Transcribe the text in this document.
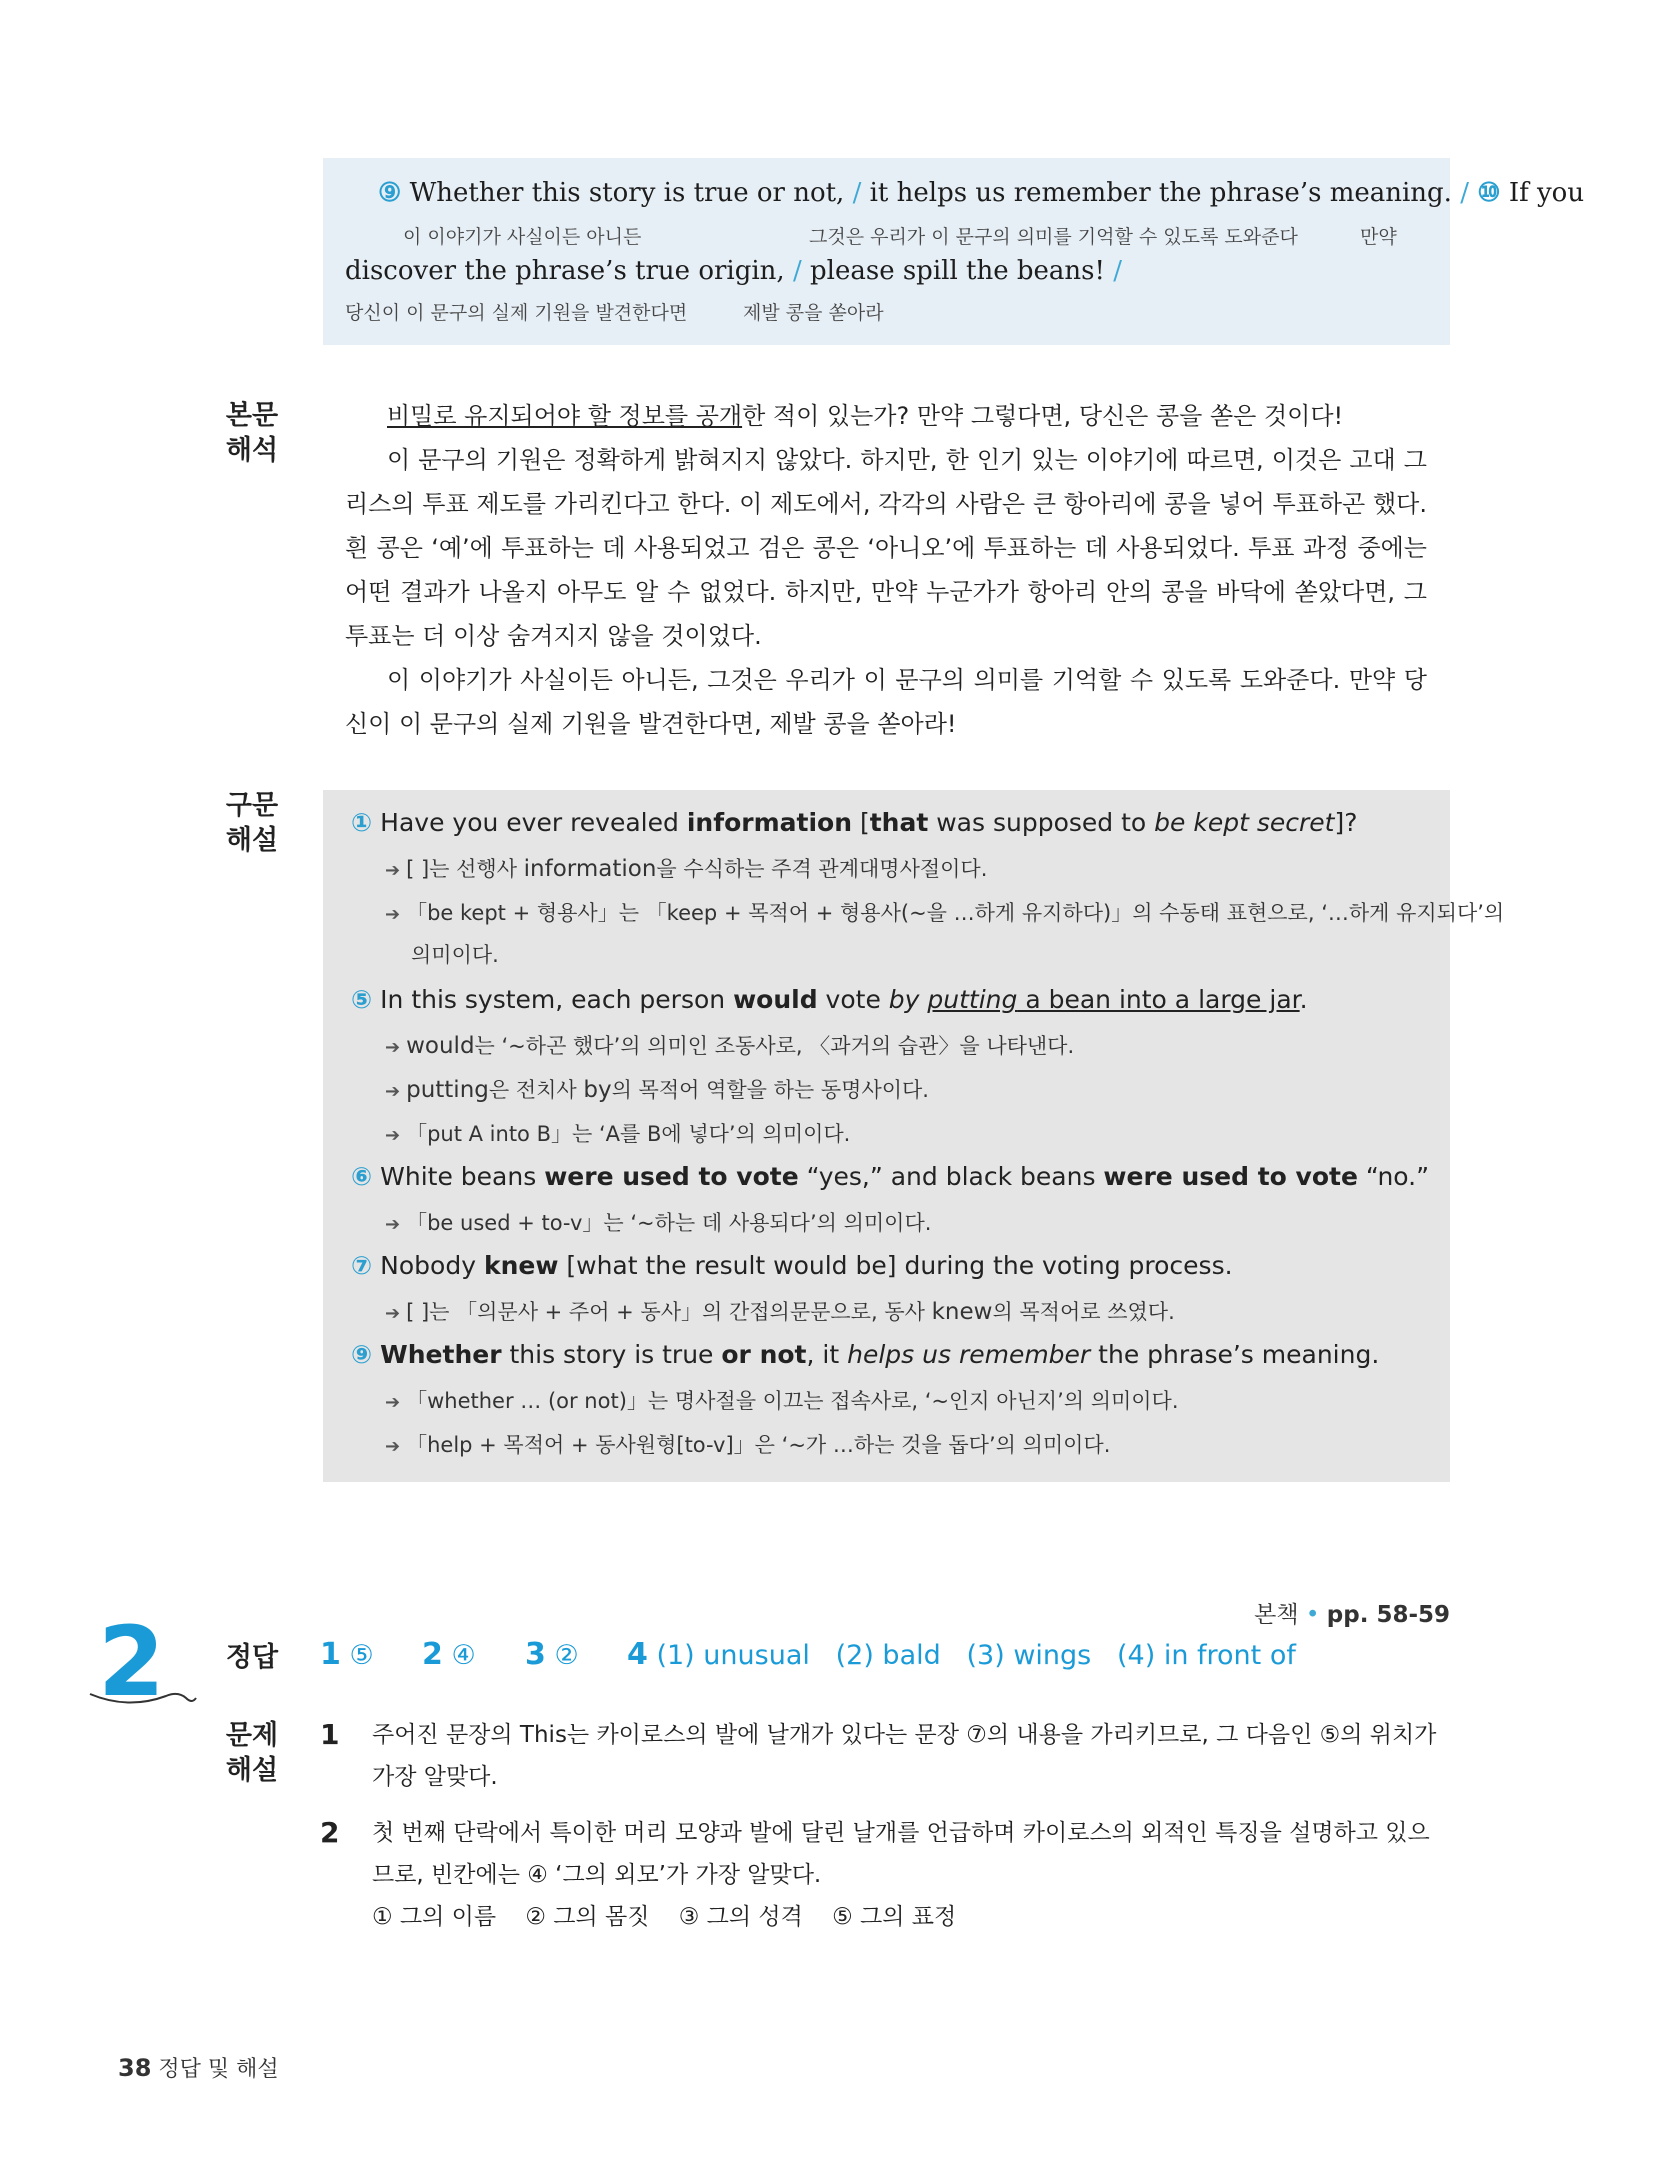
⑨ Whether this story is true or not, / it helps us remember the phrase’s meaning. / ⑩ If you
이 이야기가 사실이든 아니든	그것은 우리가 이 문구의 의미를 기억할 수 있도록 도와준다	만약
discover the phrase’s true origin, / please spill the beans! /
당신이 이 문구의 실제 기원을 발견한다면	제발 콩을 쏟아라
본문
해석

비밀로 유지되어야 할 정보를 공개한 적이 있는가? 만약 그렇다면, 당신은 콩을 쏟은 것이다!

이 문구의 기원은 정확하게 밝혀지지 않았다. 하지만, 한 인기 있는 이야기에 따르면, 이것은 고대 그리스의 투표 제도를 가리킨다고 한다. 이 제도에서, 각각의 사람은 큰 항아리에 콩을 넣어 투표하곤 했다. 흰 콩은 ‘예’에 투표하는 데 사용되었고 검은 콩은 ‘아니오’에 투표하는 데 사용되었다. 투표 과정 중에는 어떤 결과가 나올지 아무도 알 수 없었다. 하지만, 만약 누군가가 항아리 안의 콩을 바닥에 쏟았다면, 그 투표는 더 이상 숨겨지지 않을 것이었다.

이 이야기가 사실이든 아니든, 그것은 우리가 이 문구의 의미를 기억할 수 있도록 도와준다. 만약 당신이 이 문구의 실제 기원을 발견한다면, 제발 콩을 쏟아라!

구문
해설
① Have you ever revealed information [that was supposed to be kept secret]?
➔ [ ]는 선행사 information을 수식하는 주격 관계대명사절이다.
➔ 「be kept + 형용사」는 「keep + 목적어 + 형용사(~을 …하게 유지하다)」의 수동태 표현으로, ‘…하게 유지되다’의
의미이다.
⑤ In this system, each person would vote by putting a bean into a large jar.
➔ would는 ‘~하곤 했다’의 의미인 조동사로, 〈과거의 습관〉을 나타낸다.
➔ putting은 전치사 by의 목적어 역할을 하는 동명사이다.
➔ 「put A into B」는 ‘A를 B에 넣다’의 의미이다.
⑥ White beans were used to vote “yes,” and black beans were used to vote “no.”
➔ 「be used + to-v」는 ‘~하는 데 사용되다’의 의미이다.
⑦ Nobody knew [what the result would be] during the voting process.
➔ [ ]는 「의문사 + 주어 + 동사」의 간접의문문으로, 동사 knew의 목적어로 쓰였다.
⑨ Whether this story is true or not, it helps us remember the phrase’s meaning.
➔ 「whether … (or not)」는 명사절을 이끄는 접속사로, ‘~인지 아닌지’의 의미이다.
➔ 「help + 목적어 + 동사원형[to-v]」은 ‘~가 …하는 것을 돕다’의 의미이다.
2	본책 • pp. 58-59
정답 1 ⑤ 2 ④ 3 ② 4 (1) unusual   (2) bald   (3) wings   (4) in front of
문제
해설
1 주어진 문장의 This는 카이로스의 발에 날개가 있다는 문장 ⑦의 내용을 가리키므로, 그 다음인 ⑤의 위치가 가장 알맞다.
2 첫 번째 단락에서 특이한 머리 모양과 발에 달린 날개를 언급하며 카이로스의 외적인 특징을 설명하고 있으므로, 빈칸에는 ④ ‘그의 외모’가 가장 알맞다.
① 그의 이름    ② 그의 몸짓    ③ 그의 성격    ⑤ 그의 표정
38 정답 및 해설
